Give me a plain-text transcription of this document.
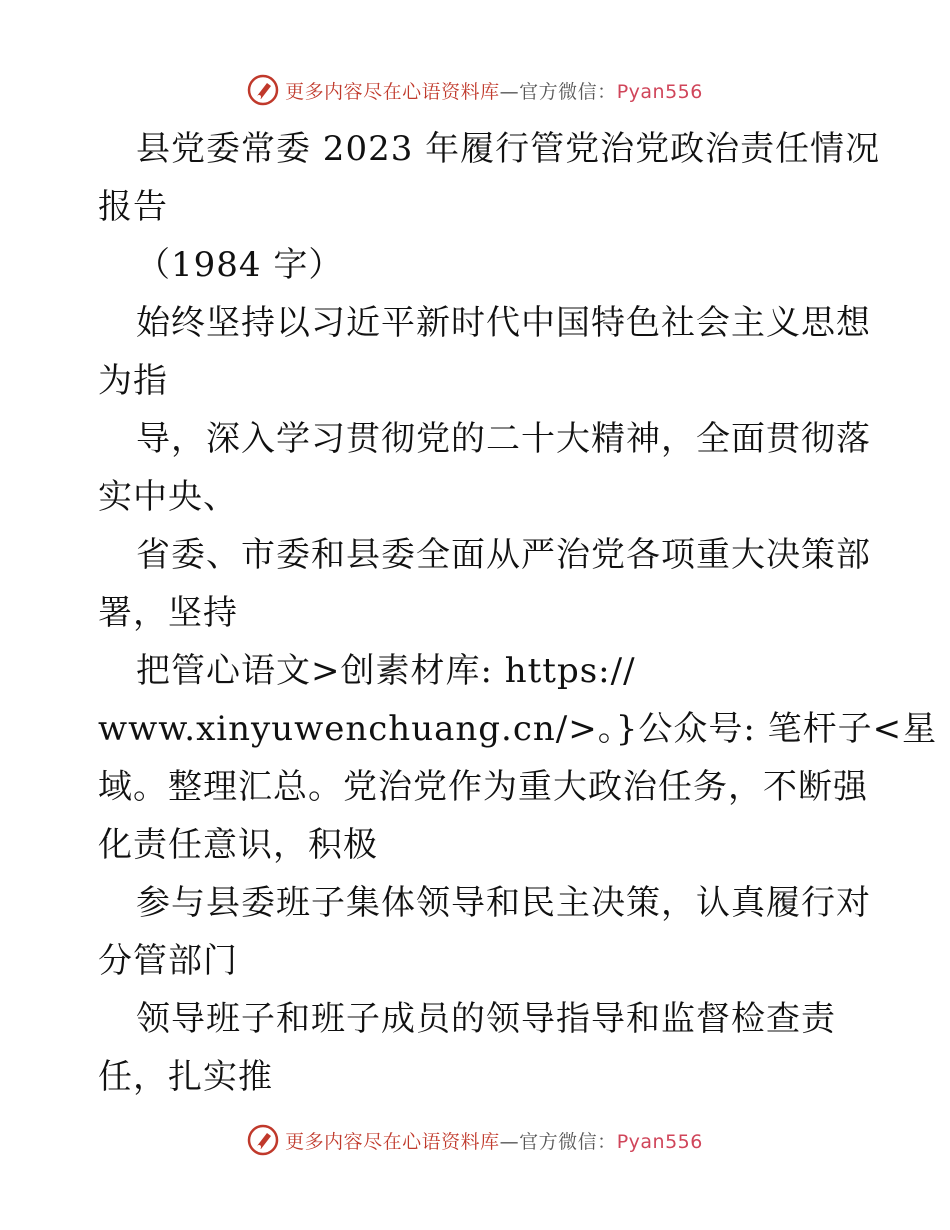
更多内容尽在心语资料库—官方微信：Pyan556
县党委常委 2023 年履行管党治党政治责任情况
报告
（1984 字）
始终坚持以习近平新时代中国特色社会主义思想
为指
导，深入学习贯彻党的二十大精神，全面贯彻落
实中央、
省委、市委和县委全面从严治党各项重大决策部
署，坚持
把管心语文>创素材库: https://
www.xinyuwenchuang.cn/>。}公众号: 笔杆子<星
域。整理汇总。党治党作为重大政治任务，不断强
化责任意识，积极
参与县委班子集体领导和民主决策，认真履行对
分管部门
领导班子和班子成员的领导指导和监督检查责
任，扎实推
更多内容尽在心语资料库—官方微信：Pyan556
